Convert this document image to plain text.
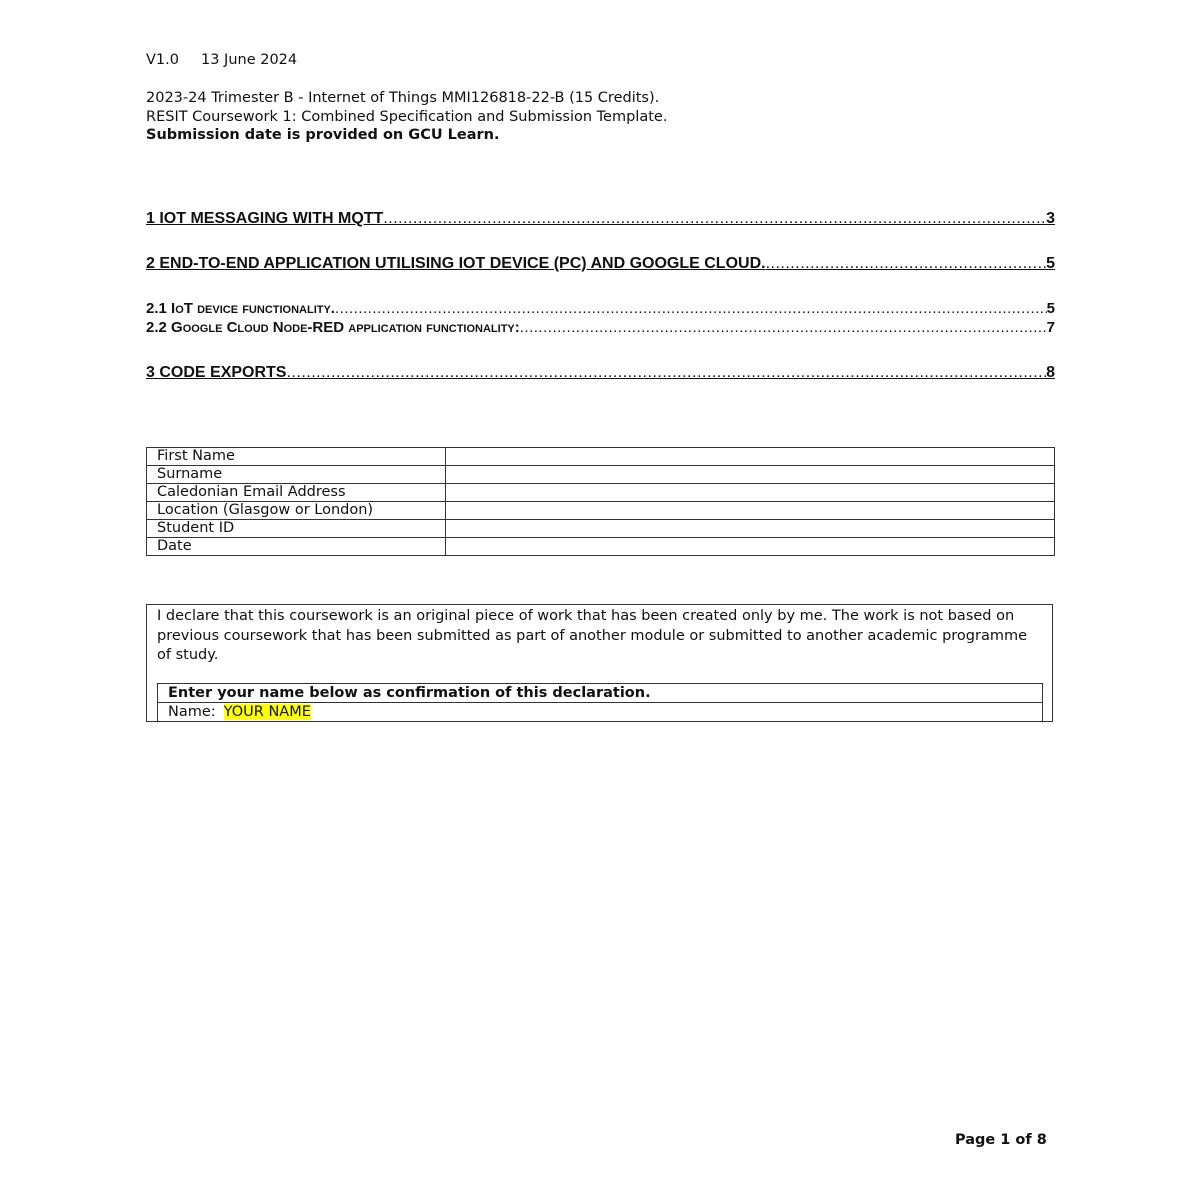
V1.0 13 June 2024
2023-24 Trimester B - Internet of Things MMI126818-22-B (15 Credits).
RESIT Coursework 1: Combined Specification and Submission Template.
Submission date is provided on GCU Learn.
1 IOT MESSAGING WITH MQTT .....	3
2 END-TO-END APPLICATION UTILISING IOT DEVICE (PC) AND GOOGLE CLOUD. .....	5
2.1 IoT device functionality. .....	5
2.2 Google Cloud Node-RED application functionality: .....	7
3 CODE EXPORTS .....	8
First Name	
Surname	
Caledonian Email Address	
Location (Glasgow or London)	
Student ID	
Date	
I declare that this coursework is an original piece of work that has been created only by me. The work is not based on previous coursework that has been submitted as part of another module or submitted to another academic programme of study.
Enter your name below as confirmation of this declaration.
Name: YOUR NAME
Page 1 of 8
